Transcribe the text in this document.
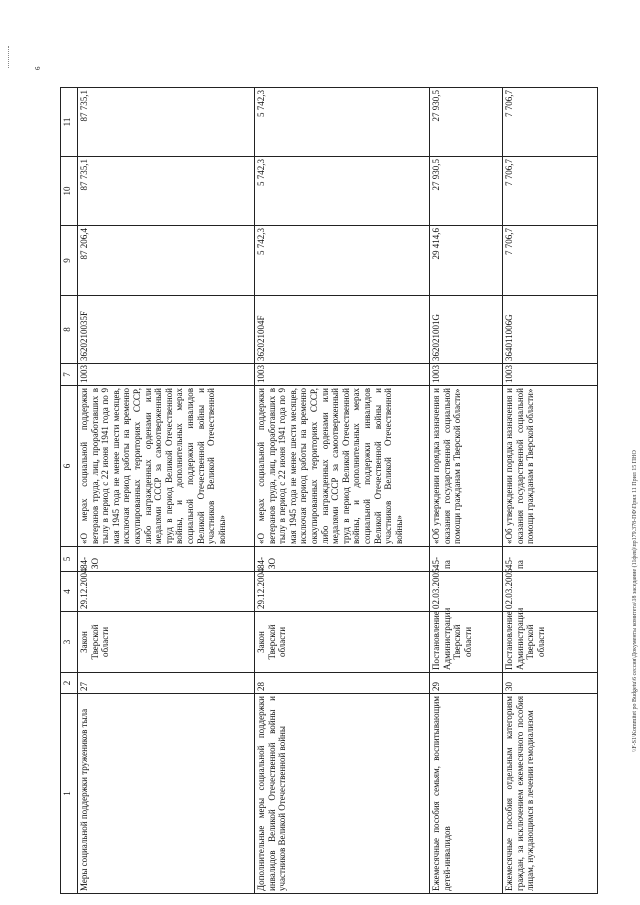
6
\\F-S1\Kommitet po Budgetu\6 сессия\Документы комитета\18 заседание (11фев)\пр179.378-ПФ\Прил 11 Прил 15 ПНО
1	2	3	4	5	6	7	8	9	10	11
Меры социальной поддержки тружеников тыла	27	Закон Тверской области	29.12.2004	84-ЗО	«О мерах социальной поддержки ветеранов труда, лиц, проработавших в тылу в период с 22 июня 1941 года по 9 мая 1945 года не менее шести месяцев, исключая период работы на временно оккупированных территориях СССР, либо награжденных орденами или медалями СССР за самоотверженный труд в период Великой Отечественной войны, и дополнительных мерах социальной поддержки инвалидов Великой Отечественной войны и участников Великой Отечественной войны»	1003	3620210035F	87 206,4	87 735,1	87 735,1
Дополнительные меры социальной поддержки инвалидов Великой Отечественной войны и участников Великой Отечественной войны	28	Закон Тверской области	29.12.2004	84-ЗО	«О мерах социальной поддержки ветеранов труда, лиц, проработавших в тылу в период с 22 июня 1941 года по 9 мая 1945 года не менее шести месяцев, исключая период работы на временно оккупированных территориях СССР, либо награжденных орденами или медалями СССР за самоотверженный труд в период Великой Отечественной войны, и дополнительных мерах социальной поддержки инвалидов Великой Отечественной войны и участников Великой Отечественной войны»	1003	362021004F	5 742,3	5 742,3	5 742,3
Ежемесячные пособия семьям, воспитывающим детей-инвалидов	29	Постановление Администрации Тверской области	02.03.2005	45-па	«Об утверждении порядка назначения и оказания государственной социальной помощи гражданам в Тверской области»	1003	362021001G	29 414,6	27 930,5	27 930,5
Ежемесячные пособия отдельным категориям граждан, за исключением ежемесячного пособия лицам, нуждающимся в лечении гемодиализом	30	Постановление Администрации Тверской области	02.03.2005	45-па	«Об утверждении порядка назначения и оказания государственной социальной помощи гражданам в Тверской области»	1003	364011006G	7 706,7	7 706,7	7 706,7
